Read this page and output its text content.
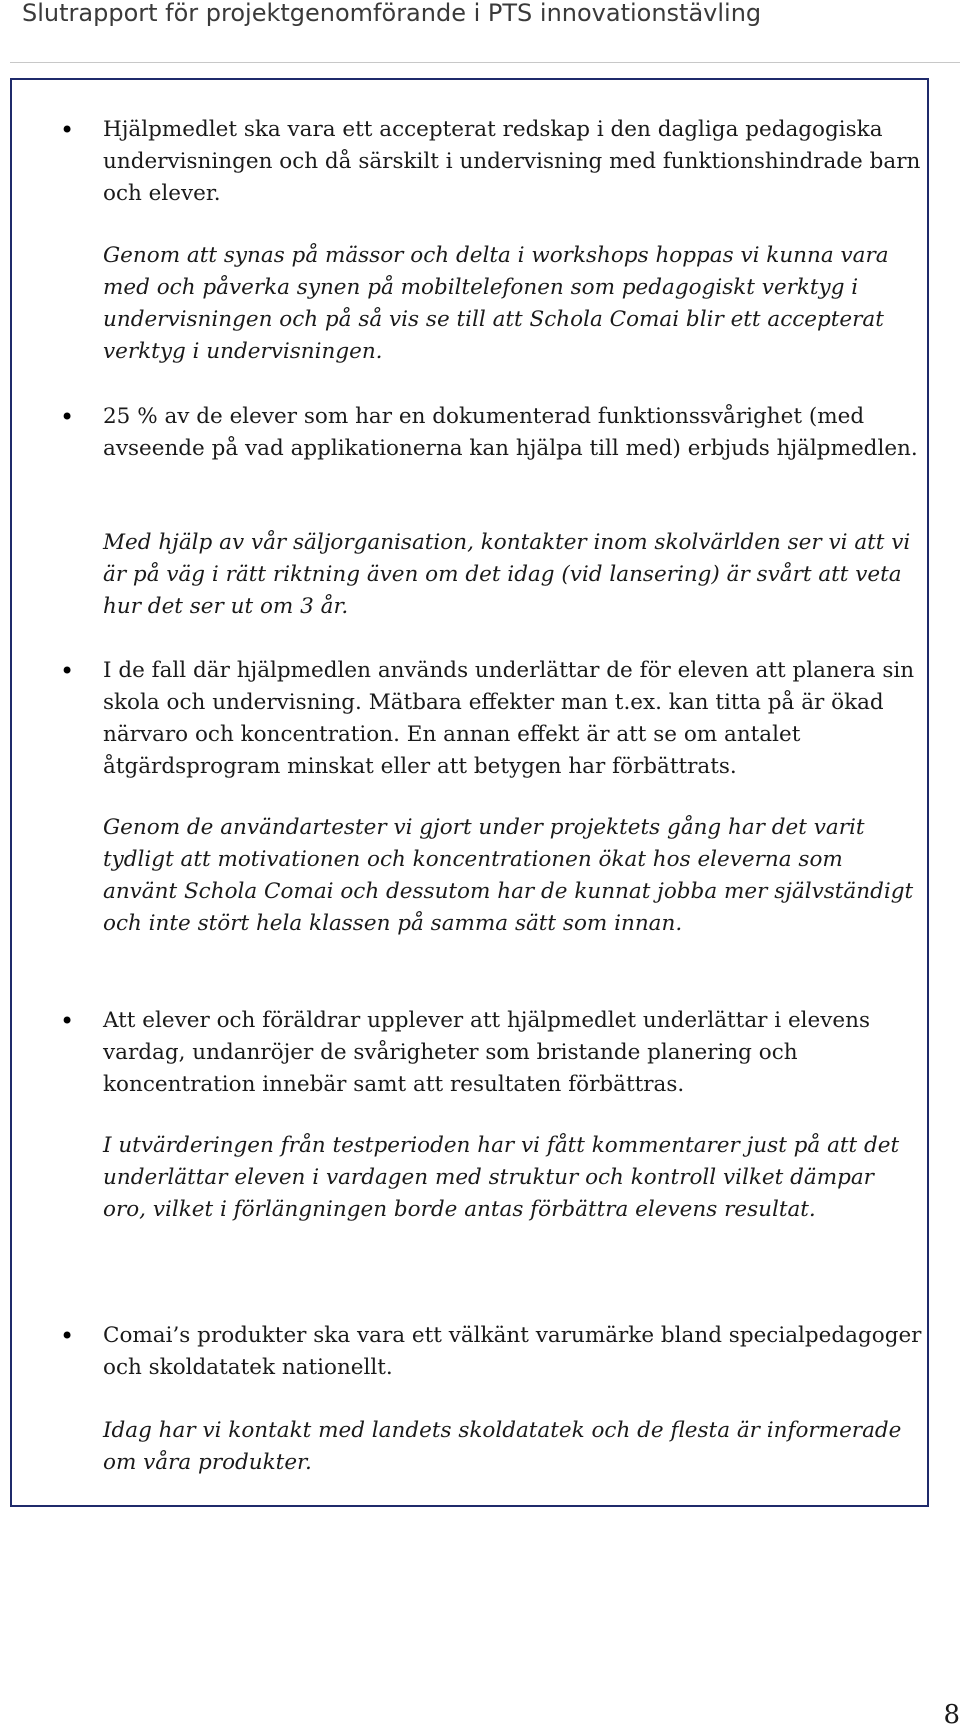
Slutrapport för projektgenomförande i PTS innovationstävling
• Hjälpmedlet ska vara ett accepterat redskap i den dagliga pedagogiska undervisningen och då särskilt i undervisning med funktionshindrade barn och elever.
Genom att synas på mässor och delta i workshops hoppas vi kunna vara med och påverka synen på mobiltelefonen som pedagogiskt verktyg i undervisningen och på så vis se till att Schola Comai blir ett accepterat verktyg i undervisningen.
• 25 % av de elever som har en dokumenterad funktionssvårighet (med avseende på vad applikationerna kan hjälpa till med) erbjuds hjälpmedlen.
Med hjälp av vår säljorganisation, kontakter inom skolvärlden ser vi att vi är på väg i rätt riktning även om det idag (vid lansering) är svårt att veta hur det ser ut om 3 år.
• I de fall där hjälpmedlen används underlättar de för eleven att planera sin skola och undervisning. Mätbara effekter man t.ex. kan titta på är ökad närvaro och koncentration. En annan effekt är att se om antalet åtgärdsprogram minskat eller att betygen har förbättrats.
Genom de användartester vi gjort under projektets gång har det varit tydligt att motivationen och koncentrationen ökat hos eleverna som använt Schola Comai och dessutom har de kunnat jobba mer självständigt och inte stört hela klassen på samma sätt som innan.
• Att elever och föräldrar upplever att hjälpmedlet underlättar i elevens vardag, undanröjer de svårigheter som bristande planering och koncentration innebär samt att resultaten förbättras.
I utvärderingen från testperioden har vi fått kommentarer just på att det underlättar eleven i vardagen med struktur och kontroll vilket dämpar oro, vilket i förlängningen borde antas förbättra elevens resultat.
• Comai’s produkter ska vara ett välkänt varumärke bland specialpedagoger och skoldatatek nationellt.
Idag har vi kontakt med landets skoldatatek och de flesta är informerade om våra produkter.
8
